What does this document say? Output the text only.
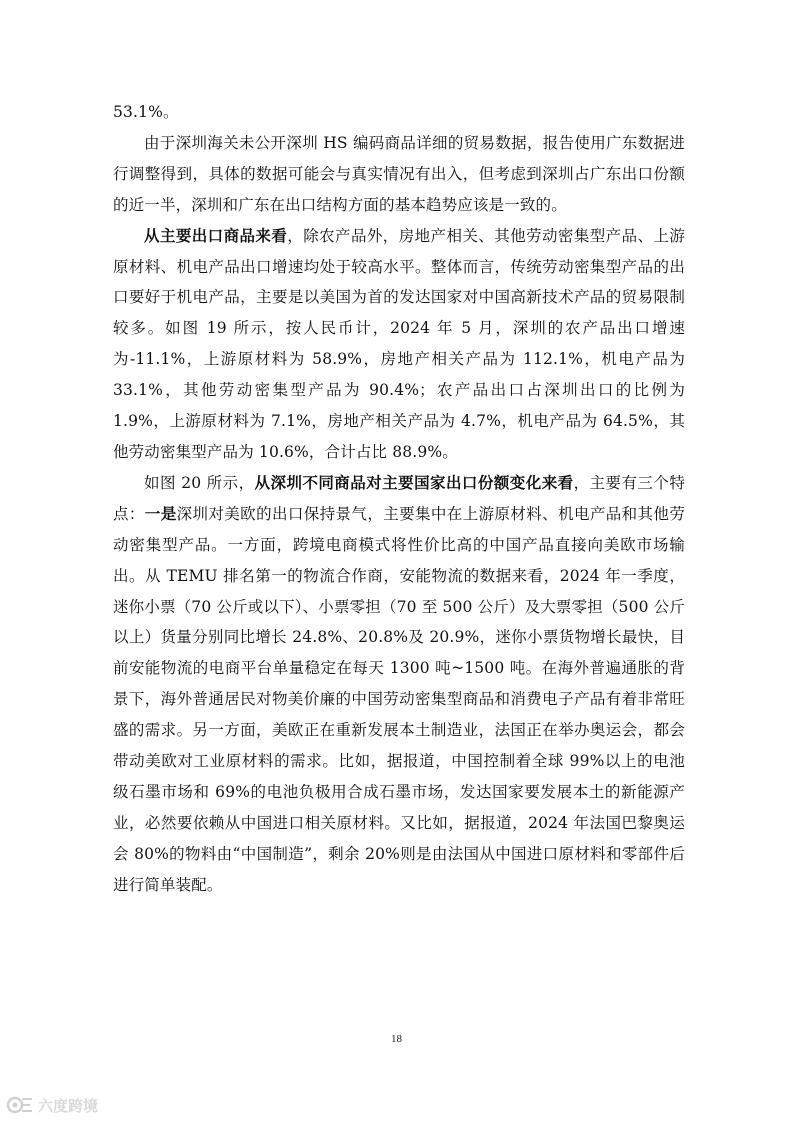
53.1%。

由于深圳海关未公开深圳 HS 编码商品详细的贸易数据，报告使用广东数据进行调整得到，具体的数据可能会与真实情况有出入，但考虑到深圳占广东出口份额的近一半，深圳和广东在出口结构方面的基本趋势应该是一致的。

从主要出口商品来看，除农产品外，房地产相关、其他劳动密集型产品、上游原材料、机电产品出口增速均处于较高水平。整体而言，传统劳动密集型产品的出口要好于机电产品，主要是以美国为首的发达国家对中国高新技术产品的贸易限制较多。如图 19 所示，按人民币计，2024 年 5 月，深圳的农产品出口增速为-11.1%，上游原材料为 58.9%，房地产相关产品为 112.1%，机电产品为 33.1%，其他劳动密集型产品为 90.4%；农产品出口占深圳出口的比例为 1.9%，上游原材料为 7.1%，房地产相关产品为 4.7%，机电产品为 64.5%，其他劳动密集型产品为 10.6%，合计占比 88.9%。

如图 20 所示，从深圳不同商品对主要国家出口份额变化来看，主要有三个特点：一是深圳对美欧的出口保持景气，主要集中在上游原材料、机电产品和其他劳动密集型产品。一方面，跨境电商模式将性价比高的中国产品直接向美欧市场输出。从 TEMU 排名第一的物流合作商，安能物流的数据来看，2024 年一季度，迷你小票（70 公斤或以下）、小票零担（70 至 500 公斤）及大票零担（500 公斤以上）货量分别同比增长 24.8%、20.8%及 20.9%，迷你小票货物增长最快，目前安能物流的电商平台单量稳定在每天 1300 吨~1500 吨。在海外普遍通胀的背景下，海外普通居民对物美价廉的中国劳动密集型商品和消费电子产品有着非常旺盛的需求。另一方面，美欧正在重新发展本土制造业，法国正在举办奥运会，都会带动美欧对工业原材料的需求。比如，据报道，中国控制着全球 99%以上的电池级石墨市场和 69%的电池负极用合成石墨市场，发达国家要发展本土的新能源产业，必然要依赖从中国进口相关原材料。又比如，据报道，2024 年法国巴黎奥运会 80%的物料由“中国制造”，剩余 20%则是由法国从中国进口原材料和零部件后进行简单装配。

18
六度跨境
